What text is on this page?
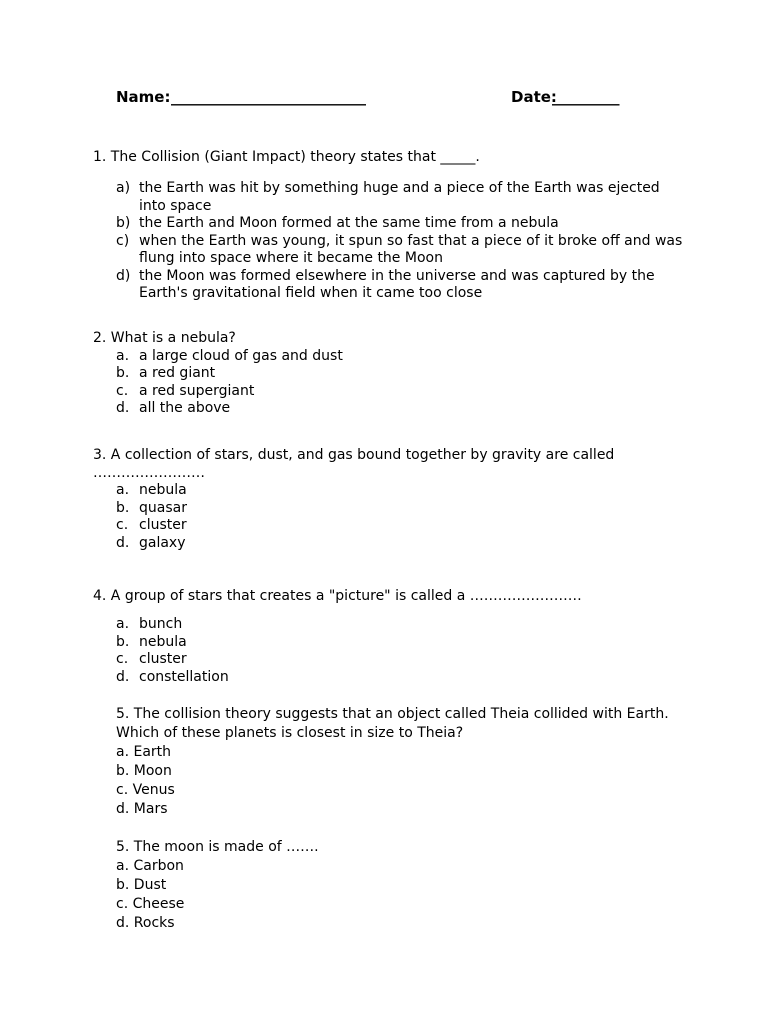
Name: __________________________	Date:
_________
1. The Collision (Giant Impact) theory states that _____.
a) the Earth was hit by something huge and a piece of the Earth was ejected
into space
b) the Earth and Moon formed at the same time from a nebula
c) when the Earth was young, it spun so fast that a piece of it broke off and was
flung into space where it became the Moon
d) the Moon was formed elsewhere in the universe and was captured by the
Earth's gravitational field when it came too close
2. What is a nebula?
a. a large cloud of gas and dust
b. a red giant
c. a red supergiant
d. all the above
3. A collection of stars, dust, and gas bound together by gravity are called
……………………
a. nebula
b. quasar
c. cluster
d. galaxy
4. A group of stars that creates a "picture" is called a ……………………
a. bunch
b. nebula
c. cluster
d. constellation
5. The collision theory suggests that an object called Theia collided with Earth.
Which of these planets is closest in size to Theia?
a. Earth
b. Moon
c. Venus
d. Mars
5. The moon is made of …….
a. Carbon
b. Dust
c. Cheese
d. Rocks
